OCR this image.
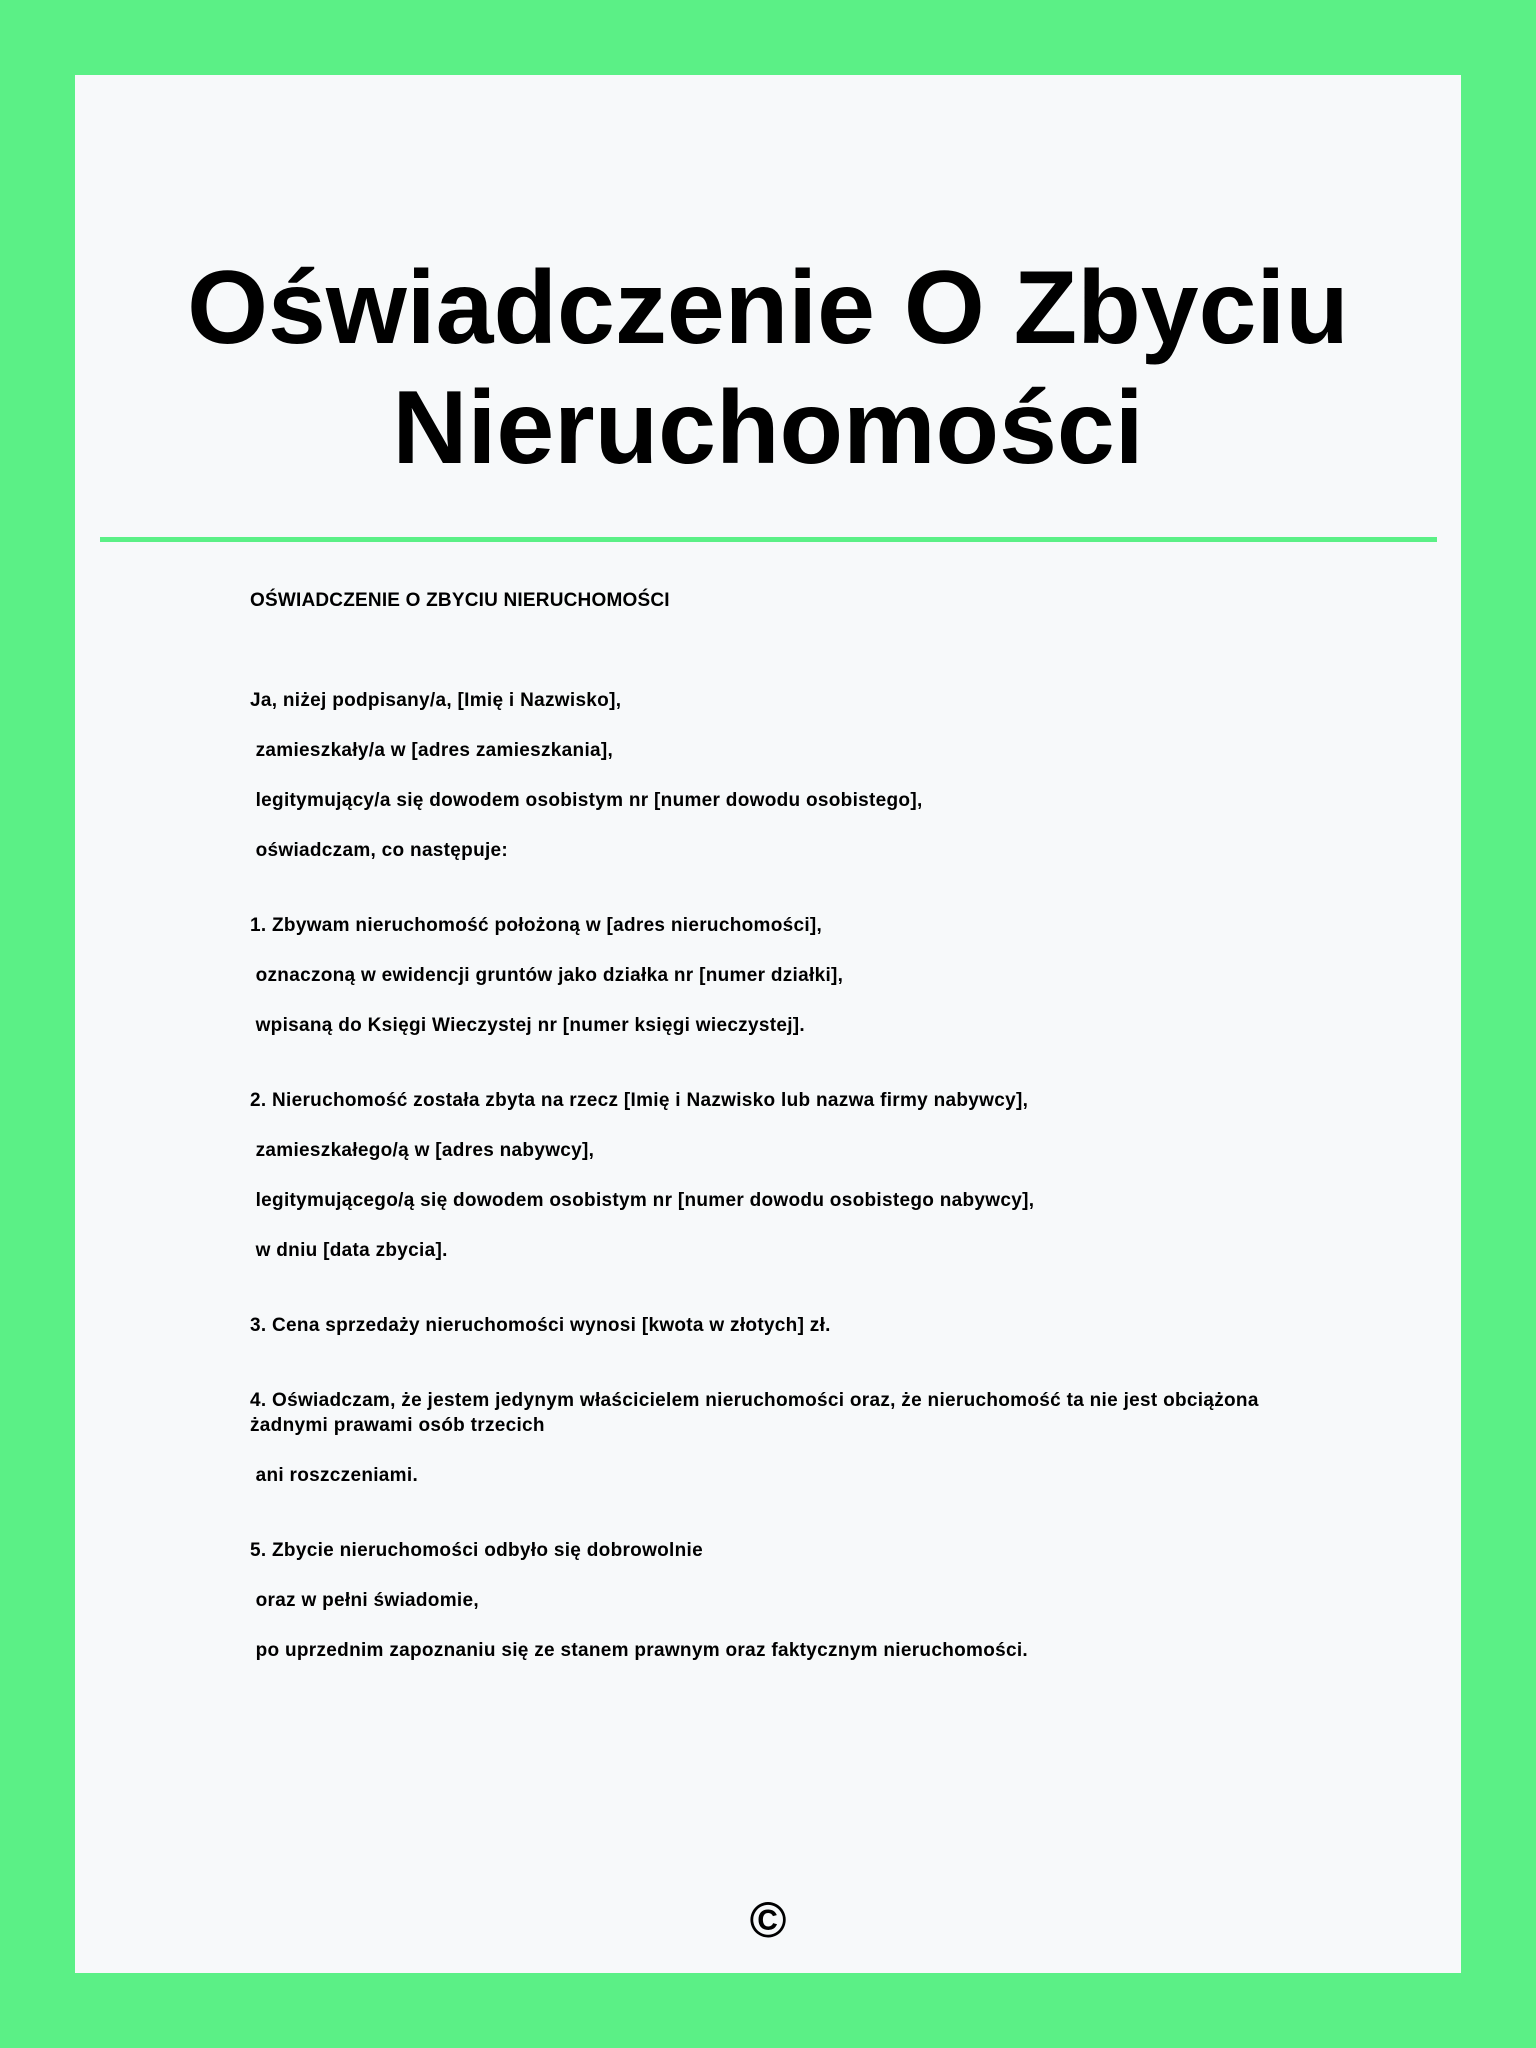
Oświadczenie O Zbyciu Nieruchomości

OŚWIADCZENIE O ZBYCIU NIERUCHOMOŚCI

Ja, niżej podpisany/a, [Imię i Nazwisko],

zamieszkały/a w [adres zamieszkania],

legitymujący/a się dowodem osobistym nr [numer dowodu osobistego],

oświadczam, co następuje:

1. Zbywam nieruchomość położoną w [adres nieruchomości],

oznaczoną w ewidencji gruntów jako działka nr [numer działki],

wpisaną do Księgi Wieczystej nr [numer księgi wieczystej].

2. Nieruchomość została zbyta na rzecz [Imię i Nazwisko lub nazwa firmy nabywcy],

zamieszkałego/ą w [adres nabywcy],

legitymującego/ą się dowodem osobistym nr [numer dowodu osobistego nabywcy],

w dniu [data zbycia].

3. Cena sprzedaży nieruchomości wynosi [kwota w złotych] zł.

4. Oświadczam, że jestem jedynym właścicielem nieruchomości oraz, że nieruchomość ta nie jest obciążona żadnymi prawami osób trzecich

ani roszczeniami.

5. Zbycie nieruchomości odbyło się dobrowolnie

oraz w pełni świadomie,

po uprzednim zapoznaniu się ze stanem prawnym oraz faktycznym nieruchomości.

©
